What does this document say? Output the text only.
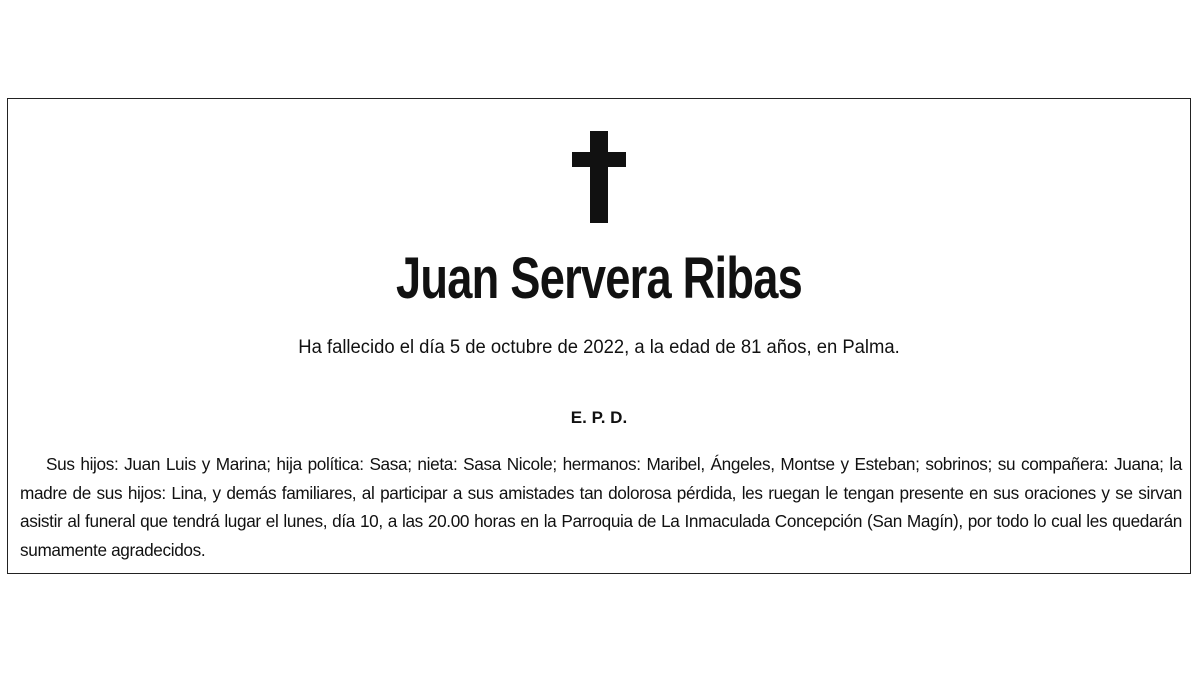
Juan Servera Ribas
Ha fallecido el día 5 de octubre de 2022, a la edad de 81 años, en Palma.
E. P. D.
Sus hijos: Juan Luis y Marina; hija política: Sasa; nieta: Sasa Nicole; hermanos: Maribel, Ángeles, Montse y Esteban; sobrinos; su compañera: Juana; la madre de sus hijos: Lina, y demás familiares, al participar a sus amistades tan dolorosa pérdida, les ruegan le tengan presente en sus oraciones y se sirvan asistir al funeral que tendrá lugar el lunes, día 10, a las 20.00 horas en la Parroquia de La Inmaculada Concepción (San Magín), por todo lo cual les quedarán sumamente agradecidos.
